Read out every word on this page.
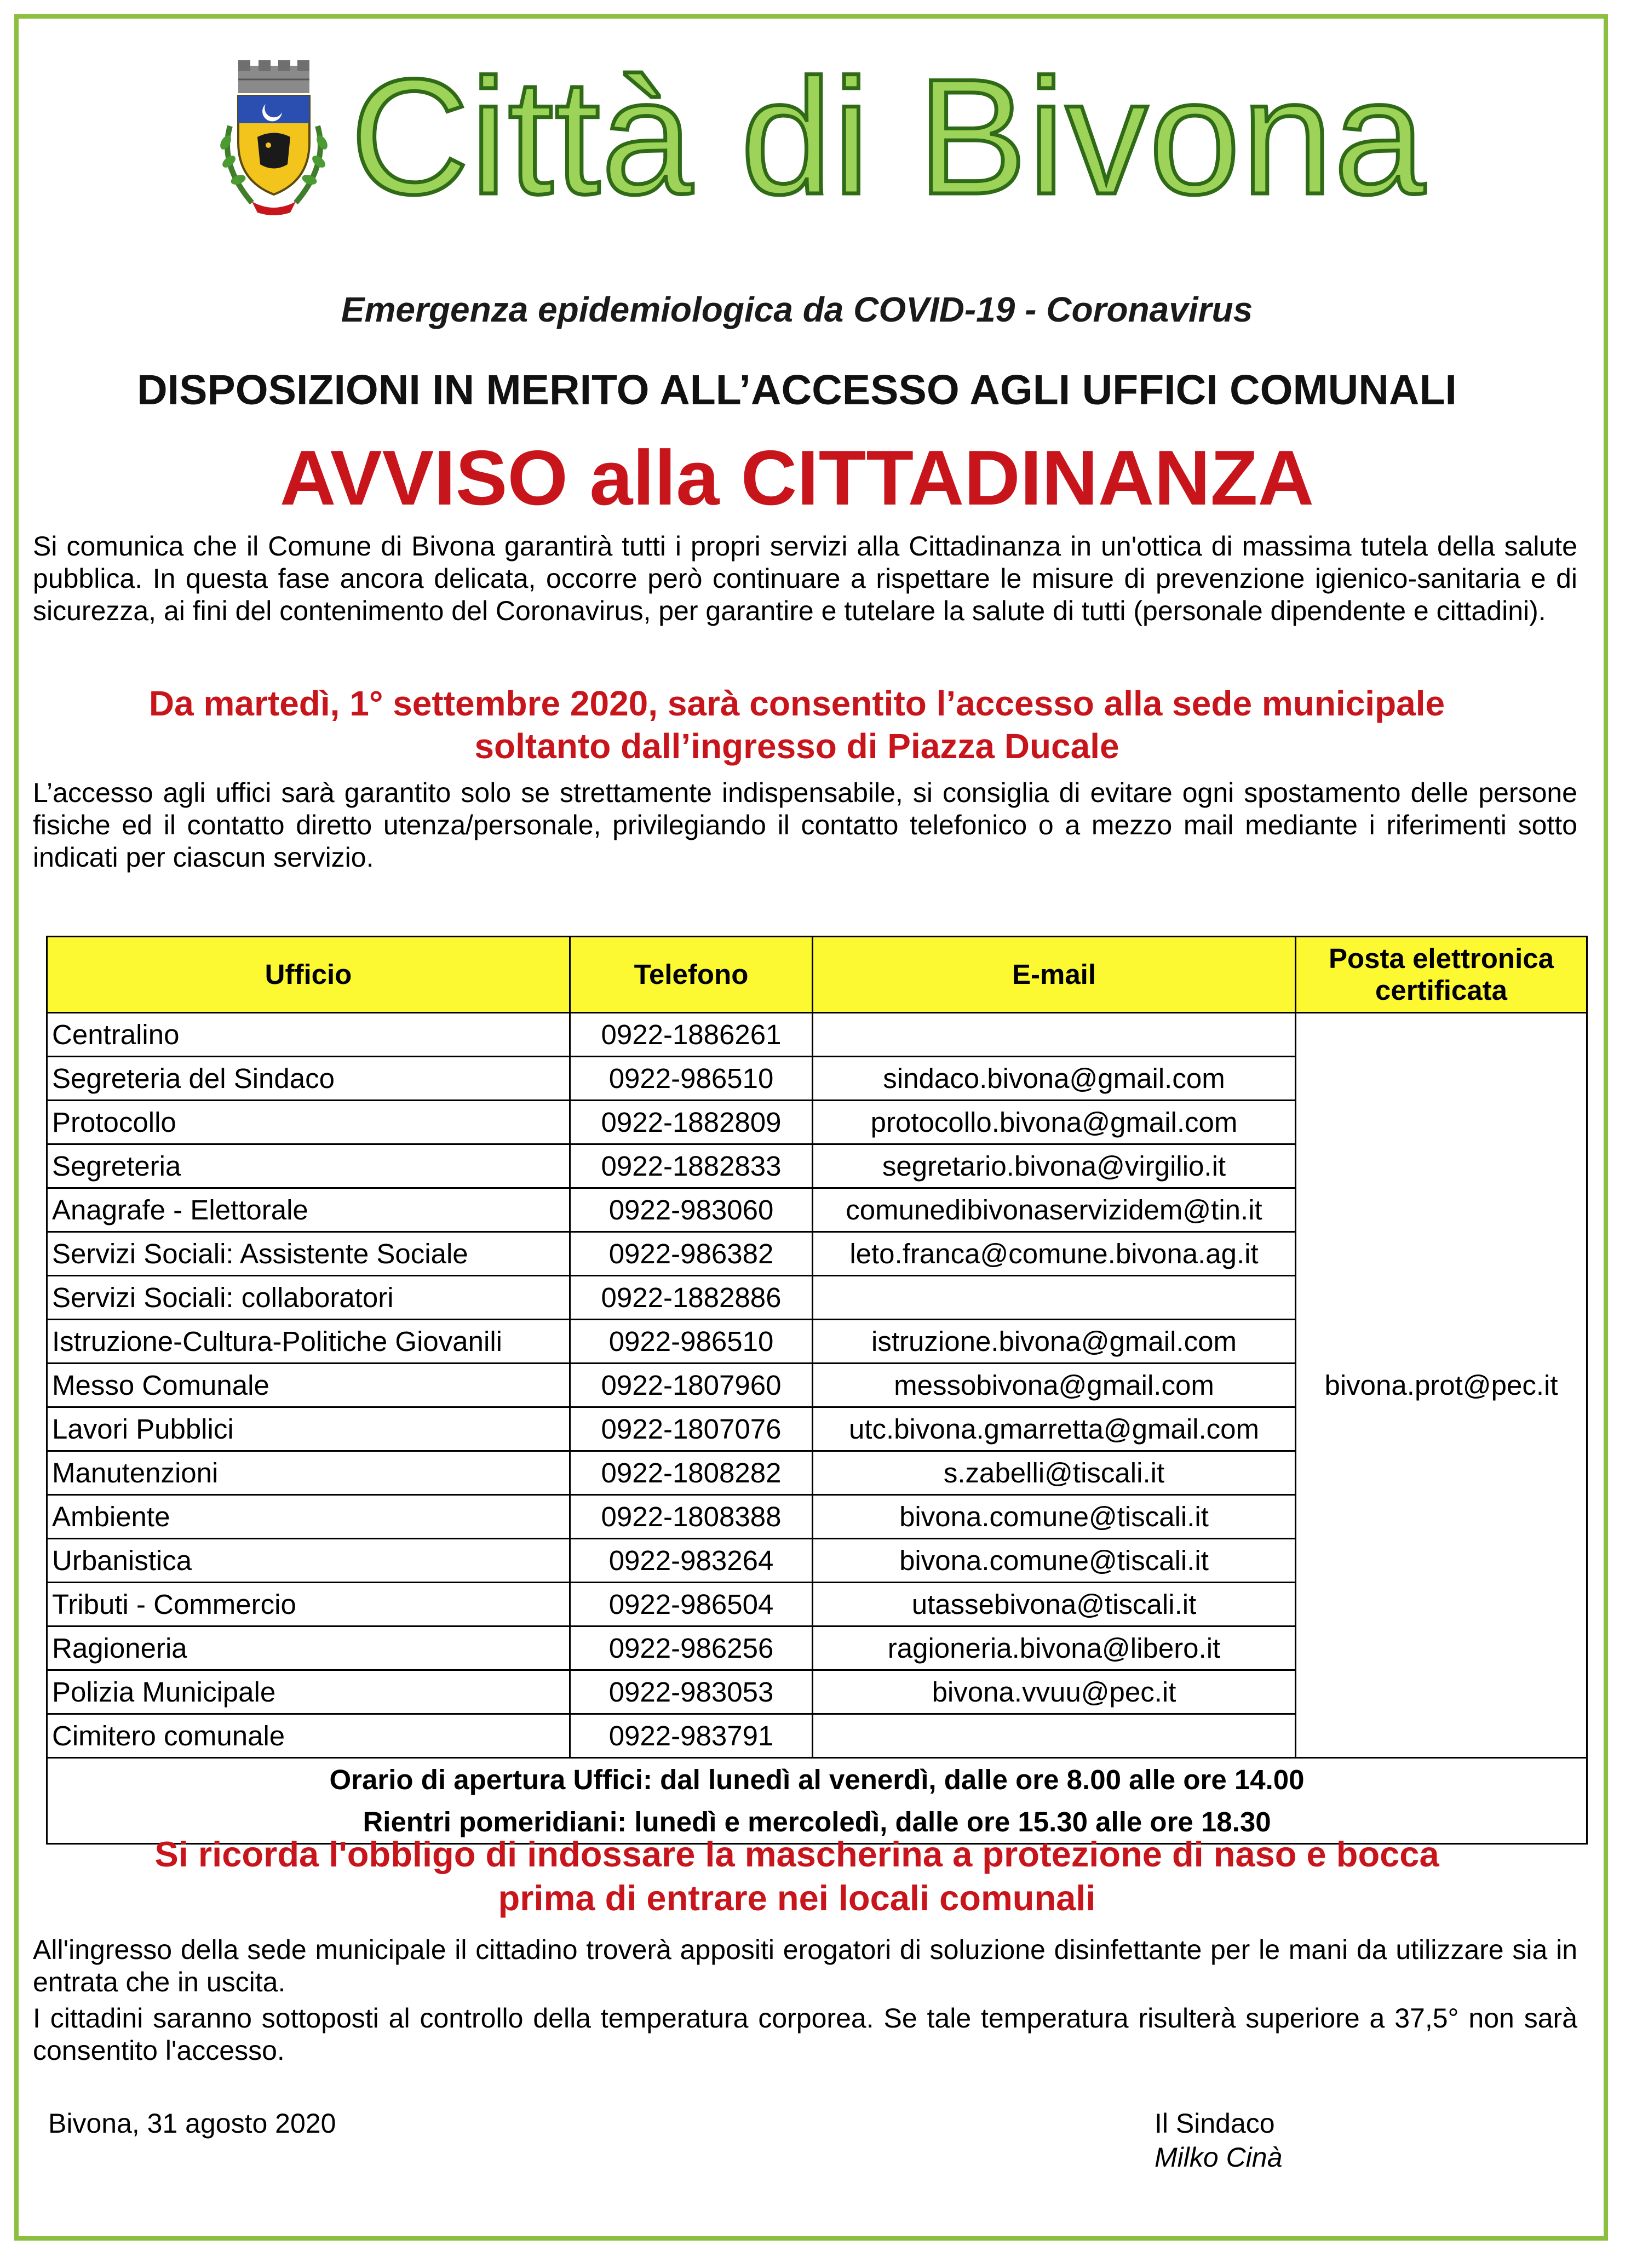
Città di Bivona
Emergenza epidemiologica da COVID-19 - Coronavirus
DISPOSIZIONI IN MERITO ALL’ACCESSO AGLI UFFICI COMUNALI
AVVISO alla CITTADINANZA
Si comunica che il Comune di Bivona garantirà tutti i propri servizi alla Cittadinanza in un'ottica di massima tutela della salute pubblica. In questa fase ancora delicata, occorre però continuare a rispettare le misure di prevenzione igienico-sanitaria e di sicurezza, ai fini del contenimento del Coronavirus, per garantire e tutelare la salute di tutti (personale dipendente e cittadini).
Da martedì, 1° settembre 2020, sarà consentito l’accesso alla sede municipale
soltanto dall’ingresso di Piazza Ducale
L’accesso agli uffici sarà garantito solo se strettamente indispensabile, si consiglia di evitare ogni spostamento delle persone fisiche ed il contatto diretto utenza/personale, privilegiando il contatto telefonico o a mezzo mail mediante i riferimenti sotto indicati per ciascun servizio.
Ufficio	Telefono	E-mail	Posta elettronica certificata
Centralino	0922-1886261		bivona.prot@pec.it
Segreteria del Sindaco	0922-986510	sindaco.bivona@gmail.com	
Protocollo	0922-1882809	protocollo.bivona@gmail.com	
Segreteria	0922-1882833	segretario.bivona@virgilio.it	
Anagrafe - Elettorale	0922-983060	comunedibivonaservizidem@tin.it	
Servizi Sociali: Assistente Sociale	0922-986382	leto.franca@comune.bivona.ag.it	
Servizi Sociali: collaboratori	0922-1882886		
Istruzione-Cultura-Politiche Giovanili	0922-986510	istruzione.bivona@gmail.com	
Messo Comunale	0922-1807960	messobivona@gmail.com	
Lavori Pubblici	0922-1807076	utc.bivona.gmarretta@gmail.com	
Manutenzioni	0922-1808282	s.zabelli@tiscali.it	
Ambiente	0922-1808388	bivona.comune@tiscali.it	
Urbanistica	0922-983264	bivona.comune@tiscali.it	
Tributi - Commercio	0922-986504	utassebivona@tiscali.it	
Ragioneria	0922-986256	ragioneria.bivona@libero.it	
Polizia Municipale	0922-983053	bivona.vvuu@pec.it	
Cimitero comunale	0922-983791		

Orario di apertura Uffici: dal lunedì al venerdì, dalle ore 8.00 alle ore 14.00
Rientri pomeridiani: lunedì e mercoledì, dalle ore 15.30 alle ore 18.30			
Si ricorda l'obbligo di indossare la mascherina a protezione di naso e bocca
prima di entrare nei locali comunali
All'ingresso della sede municipale il cittadino troverà appositi erogatori di soluzione disinfettante per le mani da utilizzare sia in entrata che in uscita.
I cittadini saranno sottoposti al controllo della temperatura corporea. Se tale temperatura risulterà superiore a 37,5° non sarà consentito l'accesso.
Bivona, 31 agosto 2020	Il Sindaco
Milko Cinà
